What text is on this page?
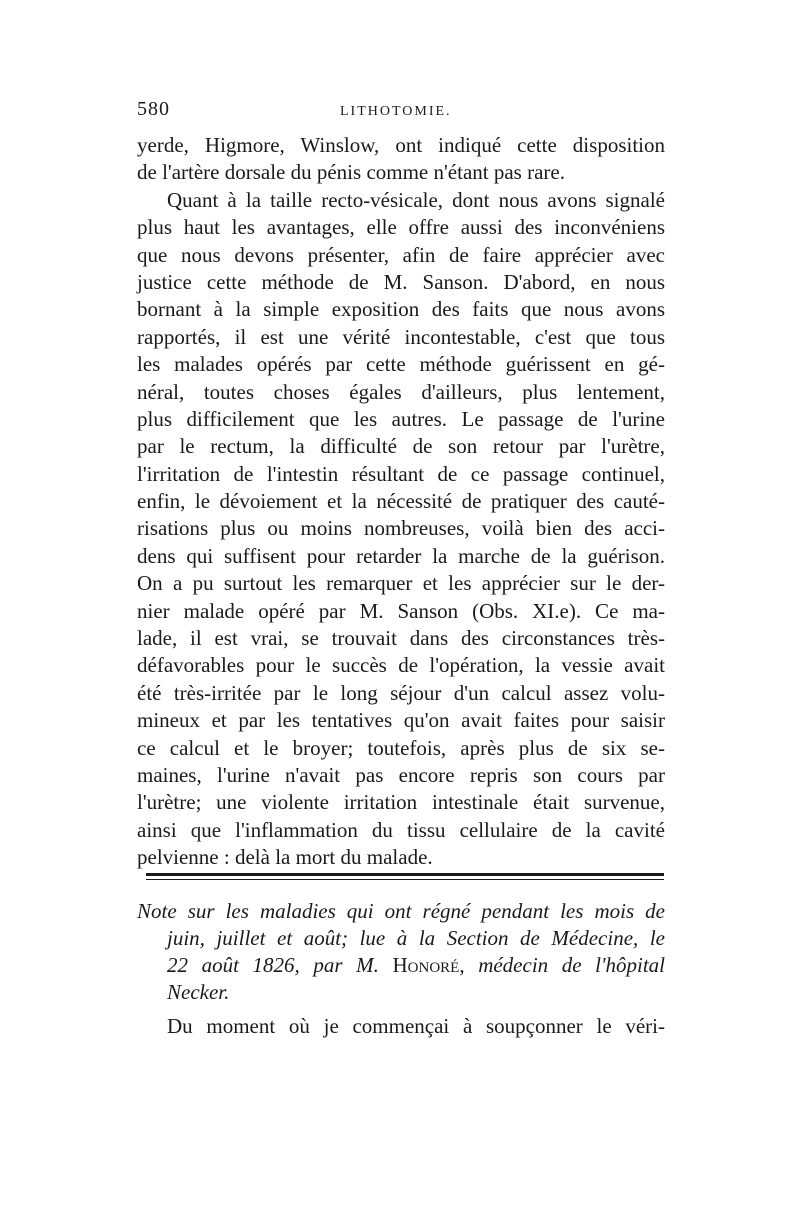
580	LITHOTOMIE.
yerde, Higmore, Winslow, ont indiqué cette disposition
de l'artère dorsale du pénis comme n'étant pas rare.
Quant à la taille recto-vésicale, dont nous avons signalé
plus haut les avantages, elle offre aussi des inconvéniens
que nous devons présenter, afin de faire apprécier avec
justice cette méthode de M. Sanson. D'abord, en nous
bornant à la simple exposition des faits que nous avons
rapportés, il est une vérité incontestable, c'est que tous
les malades opérés par cette méthode guérissent en gé-
néral, toutes choses égales d'ailleurs, plus lentement,
plus difficilement que les autres. Le passage de l'urine
par le rectum, la difficulté de son retour par l'urètre,
l'irritation de l'intestin résultant de ce passage continuel,
enfin, le dévoiement et la nécessité de pratiquer des cauté-
risations plus ou moins nombreuses, voilà bien des acci-
dens qui suffisent pour retarder la marche de la guérison.
On a pu surtout les remarquer et les apprécier sur le der-
nier malade opéré par M. Sanson (Obs. XI.e). Ce ma-
lade, il est vrai, se trouvait dans des circonstances très-
défavorables pour le succès de l'opération, la vessie avait
été très-irritée par le long séjour d'un calcul assez volu-
mineux et par les tentatives qu'on avait faites pour saisir
ce calcul et le broyer; toutefois, après plus de six se-
maines, l'urine n'avait pas encore repris son cours par
l'urètre; une violente irritation intestinale était survenue,
ainsi que l'inflammation du tissu cellulaire de la cavité
pelvienne : delà la mort du malade.
Note sur les maladies qui ont régné pendant les mois de
juin, juillet et août; lue à la Section de Médecine, le
22 août 1826, par M. Honoré, médecin de l'hôpital
Necker.
Du moment où je commençai à soupçonner le véri-
